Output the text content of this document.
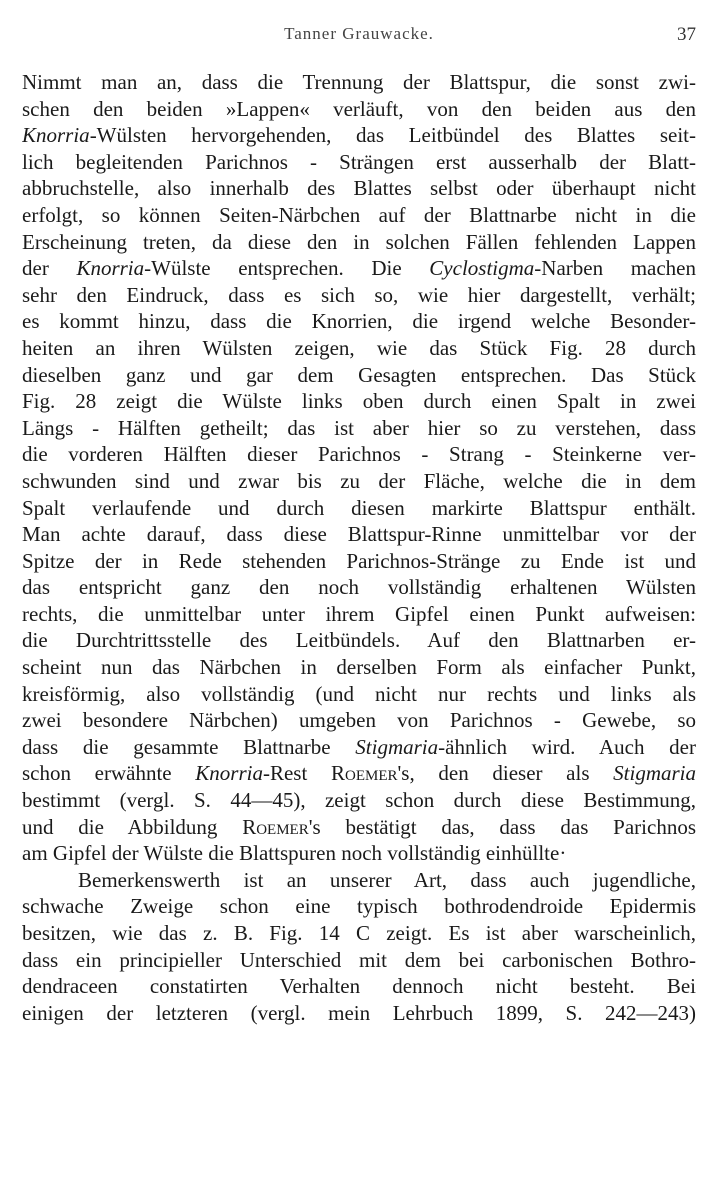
Tanner Grauwacke.	37
Nimmt man an, dass die Trennung der Blattspur, die sonst zwi-
schen den beiden »Lappen« verläuft, von den beiden aus den
Knorria-Wülsten hervorgehenden, das Leitbündel des Blattes seit-
lich begleitenden Parichnos - Strängen erst ausserhalb der Blatt-
abbruchstelle, also innerhalb des Blattes selbst oder überhaupt nicht
erfolgt, so können Seiten-Närbchen auf der Blattnarbe nicht in die
Erscheinung treten, da diese den in solchen Fällen fehlenden Lappen
der Knorria-Wülste entsprechen. Die Cyclostigma-Narben machen
sehr den Eindruck, dass es sich so, wie hier dargestellt, verhält;
es kommt hinzu, dass die Knorrien, die irgend welche Besonder-
heiten an ihren Wülsten zeigen, wie das Stück Fig. 28 durch
dieselben ganz und gar dem Gesagten entsprechen. Das Stück
Fig. 28 zeigt die Wülste links oben durch einen Spalt in zwei
Längs - Hälften getheilt; das ist aber hier so zu verstehen, dass
die vorderen Hälften dieser Parichnos - Strang - Steinkerne ver-
schwunden sind und zwar bis zu der Fläche, welche die in dem
Spalt verlaufende und durch diesen markirte Blattspur enthält.
Man achte darauf, dass diese Blattspur-Rinne unmittelbar vor der
Spitze der in Rede stehenden Parichnos-Stränge zu Ende ist und
das entspricht ganz den noch vollständig erhaltenen Wülsten
rechts, die unmittelbar unter ihrem Gipfel einen Punkt aufweisen:
die Durchtrittsstelle des Leitbündels. Auf den Blattnarben er-
scheint nun das Närbchen in derselben Form als einfacher Punkt,
kreisförmig, also vollständig (und nicht nur rechts und links als
zwei besondere Närbchen) umgeben von Parichnos - Gewebe, so
dass die gesammte Blattnarbe Stigmaria-ähnlich wird. Auch der
schon erwähnte Knorria-Rest Roemer's, den dieser als Stigmaria
bestimmt (vergl. S. 44—45), zeigt schon durch diese Bestimmung,
und die Abbildung Roemer's bestätigt das, dass das Parichnos
am Gipfel der Wülste die Blattspuren noch vollständig einhüllte·
Bemerkenswerth ist an unserer Art, dass auch jugendliche,
schwache Zweige schon eine typisch bothrodendroide Epidermis
besitzen, wie das z. B. Fig. 14 C zeigt. Es ist aber warscheinlich,
dass ein principieller Unterschied mit dem bei carbonischen Bothro-
dendraceen constatirten Verhalten dennoch nicht besteht. Bei
einigen der letzteren (vergl. mein Lehrbuch 1899, S. 242—243)
